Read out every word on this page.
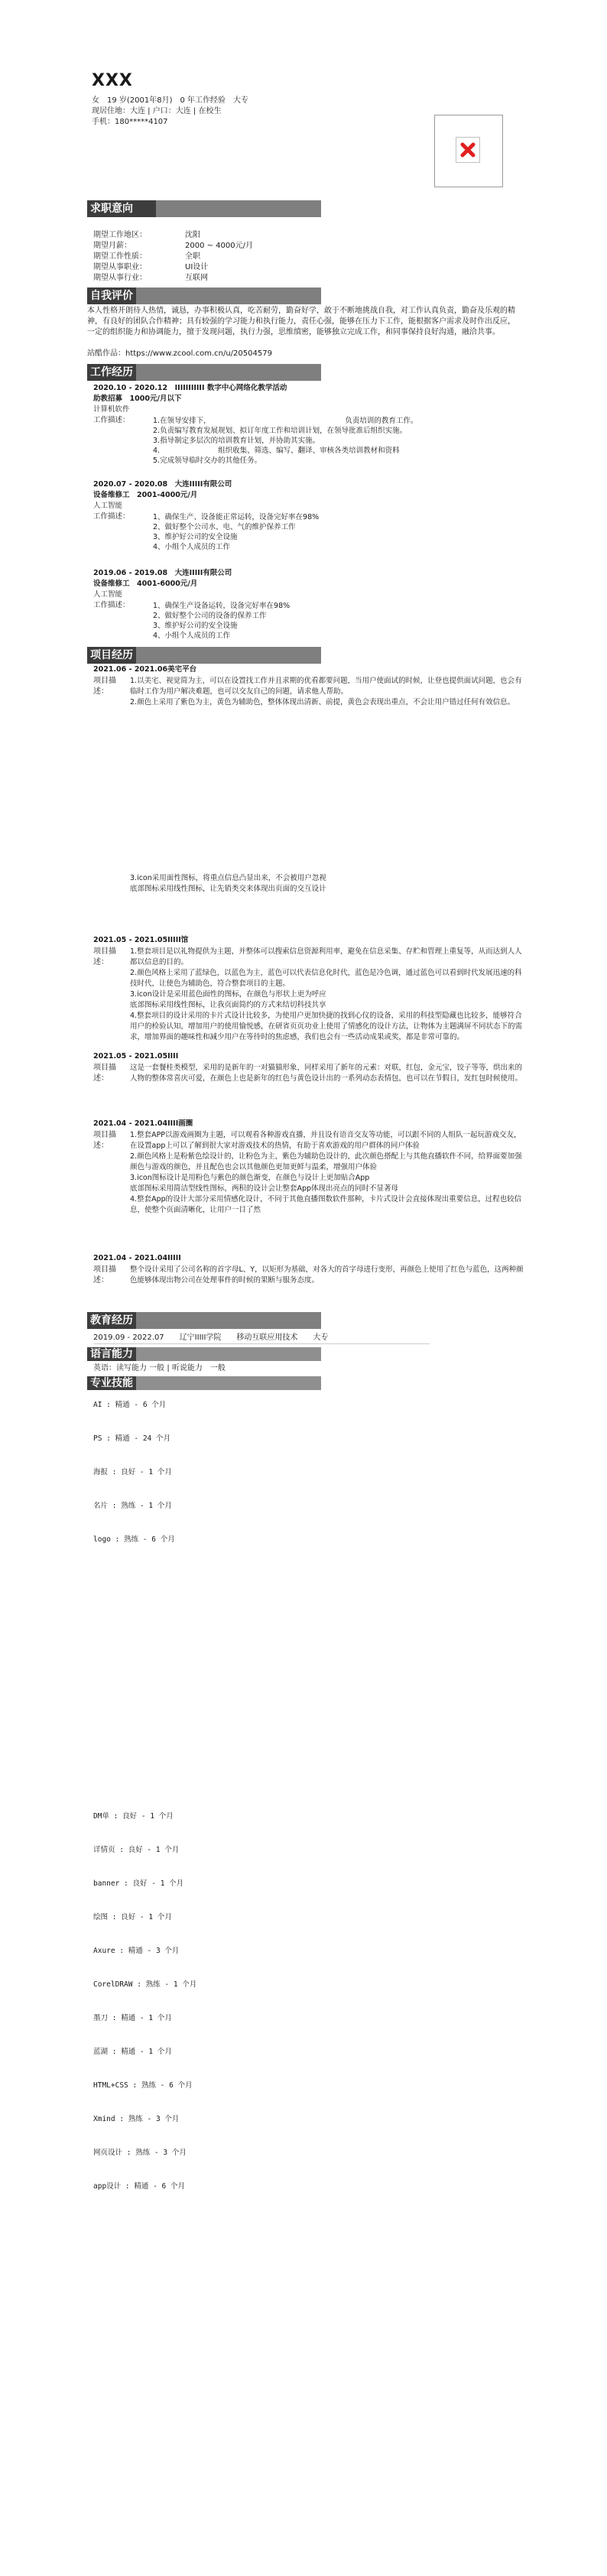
XXX
女　19 岁(2001年8月)　0 年工作经验　大专
现居住地：大连 | 户口：大连 | 在校生
手机：180*****4107
求职意向
期望工作地区：	沈阳
期望月薪：	2000 ~ 4000元/月
期望工作性质：	全职
期望从事职业：	UI设计
期望从事行业：	互联网
自我评价
本人性格开朗待人热情，诚恳，办事积极认真，吃苦耐劳，勤奋好学，敢于不断地挑战自我，对工作认真负责，勤奋及乐观的精神，有良好的团队合作精神；具有较强的学习能力和执行能力，责任心强，能够在压力下工作，能根据客户需求及时作出反应，一定的组织能力和协调能力，擅于发现问题，执行力强，思维缜密，能够独立完成工作，和同事保持良好沟通，融洽共事。
站酷作品：https://www.zcool.com.cn/u/20504579
工作经历
2020.10 - 2020.12　 IIIIIIIIIII 数字中心网络化教学活动
助教招募　 1000元/月以下
计算机软件
工作描述：	1.在领导安排下，　　　　　　　　　　　　　　　　　　　负责培训的教育工作。
2.负责编写教育发展规划、拟订年度工作和培训计划，在领导批准后组织实施。
3.指导制定多层次的培训教育计划，并协助其实施。
4.　　　　　　　　组织收集、筛选、编写、翻译、审核各类培训教材和资料
5.完成领导临时交办的其他任务。
2020.07 - 2020.08　 大连IIIII有限公司
设备维修工　 2001-4000元/月
人工智能
工作描述：	1、确保生产、设备能正常运转，设备完好率在98%
2、做好整个公司水、电、气的维护保养工作
3、维护好公司的安全设施
4、小组个人成员的工作
2019.06 - 2019.08　 大连IIIII有限公司
设备维修工　 4001-6000元/月
人工智能
工作描述：	1、确保生产设备运转，设备完好率在98%
2、做好整个公司的设备的保养工作
3、维护好公司的安全设施
4、小组个人成员的工作
项目经历
2021.06 - 2021.06美宅平台
项目描述：
1.以美宅、视觉简为主，可以在设置找工作并且求期的优看都要问题，当用户使面试的时候，让登也提供面试问题，也会有临时工作为用户解决难题，也可以交友自己的问题，请求他人帮助。
2.颜色上采用了紫色为主，黄色为辅助色，整体体现出清新、前提，黄色会表现出重点，不会让用户错过任何有效信息。
3.icon采用面性图标，将重点信息凸显出来，不会被用户忽视
底部图标采用线性图标，让先销类交来体现出页面的交互设计
2021.05 - 2021.05IIIII馆
项目描述：
1.整套项目是以礼物提供为主题，并整体可以搜索信息资源利用率，避免在信息采集、存贮和管理上重复等，从而达到人人都以信息的目的。
2.颜色风格上采用了蓝绿色，以蓝色为主，蓝色可以代表信息化时代，蓝色是冷色调，通过蓝色可以看到时代发展迅速的科技时代，让使色为辅助色，符合整套项目的主题。
3.icon设计是采用蓝色面性的图标，在颜色与形状上更为呼应
底部图标采用线性图标，让我页面简约的方式来结切科技共享
4.整套项目的设计采用的卡片式设计比较多，为使用户更加快捷的找到心仪的设备，采用的科技型隐藏也比较多，能够符合用户的检验认知，增加用户的使用愉悦感，在研省页页功业上使用了情感化的设计方法，让物体为主题满屏不同状态下的需求，增加界面的趣味性和减少用户在等待时的焦虑感，我们也会有一些活动成果或奖，都是非常可靠的。
2021.05 - 2021.05IIII
项目描述：
这是一套餐桂类模型，采用的是新年的一对猫猫形象，同样采用了新年的元素：对联，红包，金元宝，饺子等等，烘出来的人物的整体常喜庆可爱，在颜色上也是新年的红色与黄色设计出的一系列动态表情包，也可以在节假日，发红包时候使用。
2021.04 - 2021.04IIII画圈
项目描述：
1.整套APP以游戏画圈为主题，可以观看各种游戏直播，并且设有语音交友等功能，可以跟不同的人组队一起玩游戏交友，在设置app上可以了解到很大家对游戏技术的热情，有助于喜欢游戏的用户群体的同户体验
2.颜色风格上是粉紫色绘设计的，让粉色为主，紫色为辅助色设计的，此次颜色搭配上与其他直播软件不同，给界面要加强颜色与游戏的颜色，并且配色也会以其他颜色更加更鲜与温柔，增强用户体验
3.icon图标设计是用粉色与紫色的颜色渐变，在颜色与设计上更加贴合App
底部图标采用简洁型线性图标，两积的设计会让整套App体现出亮点的同时不显著母
4.整套App的设计大部分采用情感化设计，不同于其他直播图数软件那种，卡片式设计会直接体现出重要信息，过程也较信息，使整个页面清晰化，让用户一目了然
2021.04 - 2021.04IIIII
项目描述：
整个设计采用了公司名称的首字母L、Y，以矩形为基础，对各大的首字母进行变形，再颜色上使用了红色与蓝色，这两种颜色能够体现出物公司在处理事件的时候的果断与服务态度。
教育经历
2019.09 - 2022.07　　辽宁IIIII学院　　移动互联应用技术　　大专
语言能力
英语：读写能力 一般 | 听说能力　一般
专业技能
AI : 精通 - 6 个月
PS : 精通 - 24 个月
海报 : 良好 - 1 个月
名片 : 熟练 - 1 个月
logo : 熟练 - 6 个月
DM单 : 良好 - 1 个月
详情页 : 良好 - 1 个月
banner : 良好 - 1 个月
绘图 : 良好 - 1 个月
Axure : 精通 - 3 个月
CorelDRAW : 熟练 - 1 个月
墨刀 : 精通 - 1 个月
蓝湖 : 精通 - 1 个月
HTML+CSS : 熟练 - 6 个月
Xmind : 熟练 - 3 个月
网页设计 : 熟练 - 3 个月
app设计 : 精通 - 6 个月
